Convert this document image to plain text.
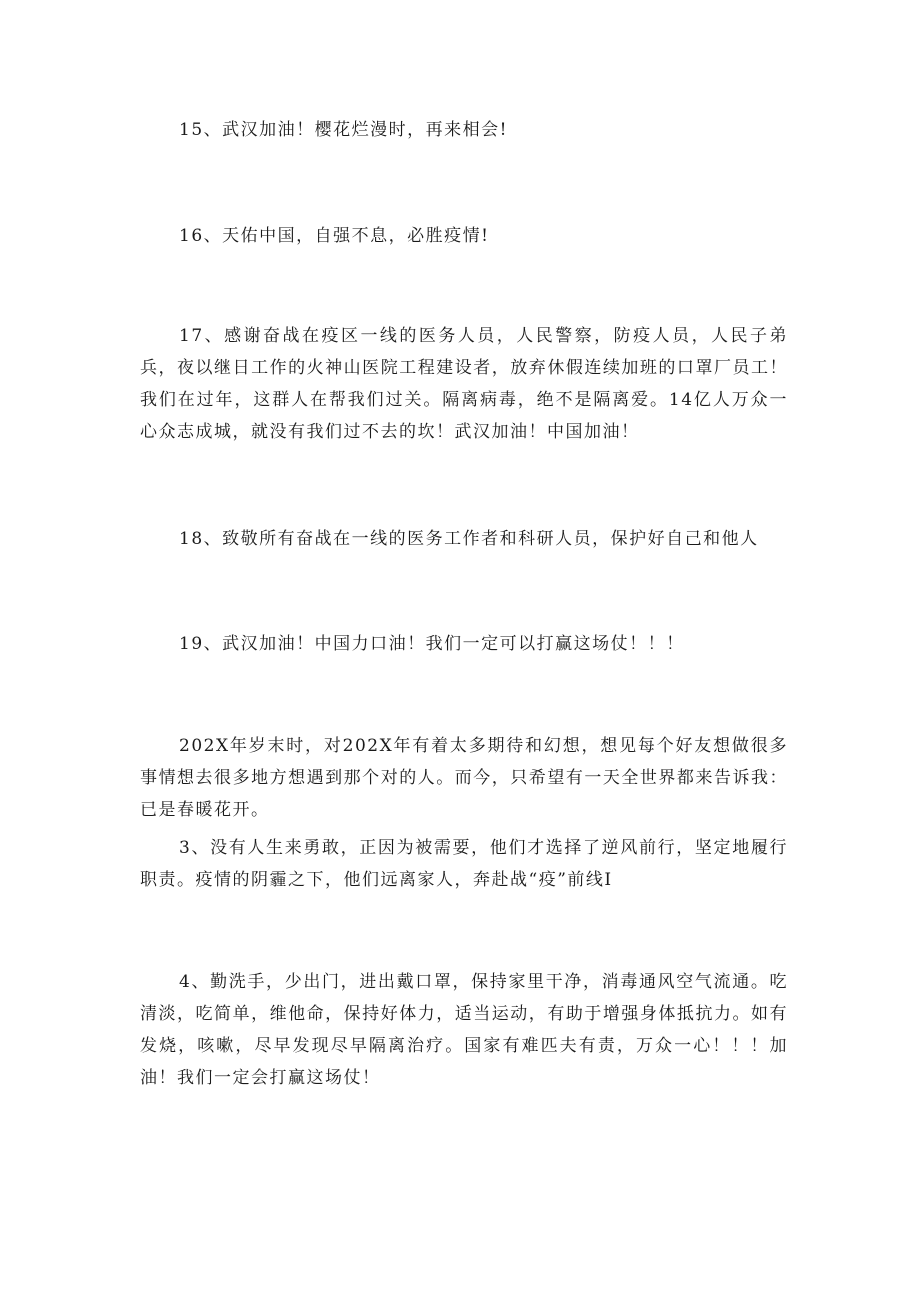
15、武汉加油！樱花烂漫时，再来相会!

16、天佑中国，自强不息，必胜疫情!

17、感谢奋战在疫区一线的医务人员，人民警察，防疫人员，人民子弟兵，夜以继日工作的火神山医院工程建设者，放弃休假连续加班的口罩厂员工！我们在过年，这群人在帮我们过关。隔离病毒，绝不是隔离爱。14亿人万众一心众志成城，就没有我们过不去的坎！武汉加油！中国加油！

18、致敬所有奋战在一线的医务工作者和科研人员，保护好自己和他人

19、武汉加油！中国力口油！我们一定可以打赢这场仗！！！

202X年岁末时，对202X年有着太多期待和幻想，想见每个好友想做很多事情想去很多地方想遇到那个对的人。而今，只希望有一天全世界都来告诉我：已是春暖花开。

3、没有人生来勇敢，正因为被需要，他们才选择了逆风前行，坚定地履行职责。疫情的阴霾之下，他们远离家人，奔赴战“疫”前线I

4、勤洗手，少出门，进出戴口罩，保持家里干净，消毒通风空气流通。吃清淡，吃简单，维他命，保持好体力，适当运动，有助于增强身体抵抗力。如有发烧，咳嗽，尽早发现尽早隔离治疗。国家有难匹夫有责，万众一心！！！加油！我们一定会打赢这场仗！
